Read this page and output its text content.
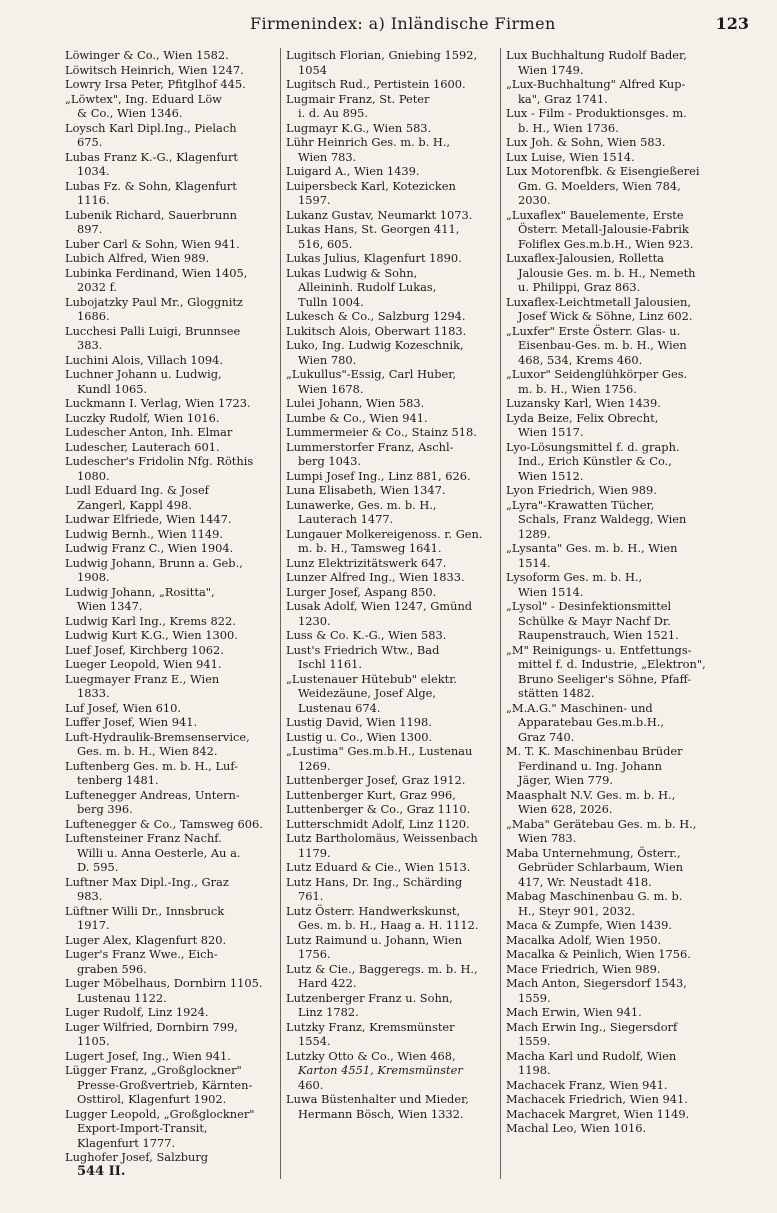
Firmenindex: a) Inländische Firmen	123
Löwinger & Co., Wien 1582.
Löwitsch Heinrich, Wien 1247.
Lowry Irsa Peter, Pfitglhof 445.
„Löwtex", Ing. Eduard Löw
& Co., Wien 1346.
Loysch Karl Dipl.Ing., Pielach
675.
Lubas Franz K.-G., Klagenfurt
1034.
Lubas Fz. & Sohn, Klagenfurt
1116.
Lubenik Richard, Sauerbrunn
897.
Luber Carl & Sohn, Wien 941.
Lubich Alfred, Wien 989.
Lubinka Ferdinand, Wien 1405,
2032 f.
Lubojatzky Paul Mr., Gloggnitz
1686.
Lucchesi Palli Luigi, Brunnsee
383.
Luchini Alois, Villach 1094.
Luchner Johann u. Ludwig,
Kundl 1065.
Luckmann I. Verlag, Wien 1723.
Luczky Rudolf, Wien 1016.
Ludescher Anton, Inh. Elmar
Ludescher, Lauterach 601.
Ludescher's Fridolin Nfg. Röthis
1080.
Ludl Eduard Ing. & Josef
Zangerl, Kappl 498.
Ludwar Elfriede, Wien 1447.
Ludwig Bernh., Wien 1149.
Ludwig Franz C., Wien 1904.
Ludwig Johann, Brunn a. Geb.,
1908.
Ludwig Johann, „Rositta",
Wien 1347.
Ludwig Karl Ing., Krems 822.
Ludwig Kurt K.G., Wien 1300.
Luef Josef, Kirchberg 1062.
Lueger Leopold, Wien 941.
Luegmayer Franz E., Wien
1833.
Luf Josef, Wien 610.
Luffer Josef, Wien 941.
Luft-Hydraulik-Bremsenservice,
Ges. m. b. H., Wien 842.
Luftenberg Ges. m. b. H., Luf-
tenberg 1481.
Luftenegger Andreas, Untern-
berg 396.
Luftenegger & Co., Tamsweg 606.
Luftensteiner Franz Nachf.
Willi u. Anna Oesterle, Au a.
D. 595.
Luftner Max Dipl.-Ing., Graz
983.
Lüftner Willi Dr., Innsbruck
1917.
Luger Alex, Klagenfurt 820.
Luger's Franz Wwe., Eich-
graben 596.
Luger Möbelhaus, Dornbirn 1105.
Lustenau 1122.
Luger Rudolf, Linz 1924.
Luger Wilfried, Dornbirn 799,
1105.
Lugert Josef, Ing., Wien 941.
Lügger Franz, „Großglockner"
Presse-Großvertrieb, Kärnten-
Osttirol, Klagenfurt 1902.
Lugger Leopold, „Großglockner"
Export-Import-Transit,
Klagenfurt 1777.
Lughofer Josef, Salzburg
544 II.
Lugitsch Florian, Gniebing 1592,
1054
Lugitsch Rud., Pertistein 1600.
Lugmair Franz, St. Peter
i. d. Au 895.
Lugmayr K.G., Wien 583.
Lühr Heinrich Ges. m. b. H.,
Wien 783.
Luigard A., Wien 1439.
Luipersbeck Karl, Kotezicken
1597.
Lukanz Gustav, Neumarkt 1073.
Lukas Hans, St. Georgen 411,
516, 605.
Lukas Julius, Klagenfurt 1890.
Lukas Ludwig & Sohn,
Alleininh. Rudolf Lukas,
Tulln 1004.
Lukesch & Co., Salzburg 1294.
Lukitsch Alois, Oberwart 1183.
Luko, Ing. Ludwig Kozeschnik,
Wien 780.
„Lukullus"-Essig, Carl Huber,
Wien 1678.
Lulei Johann, Wien 583.
Lumbe & Co., Wien 941.
Lummermeier & Co., Stainz 518.
Lummerstorfer Franz, Aschl-
berg 1043.
Lumpi Josef Ing., Linz 881, 626.
Luna Elisabeth, Wien 1347.
Lunawerke, Ges. m. b. H.,
Lauterach 1477.
Lungauer Molkereigenoss. r. Gen.
m. b. H., Tamsweg 1641.
Lunz Elektrizitätswerk 647.
Lunzer Alfred Ing., Wien 1833.
Lurger Josef, Aspang 850.
Lusak Adolf, Wien 1247, Gmünd
1230.
Luss & Co. K.-G., Wien 583.
Lust's Friedrich Wtw., Bad
Ischl 1161.
„Lustenauer Hütebub" elektr.
Weidezäune, Josef Alge,
Lustenau 674.
Lustig David, Wien 1198.
Lustig u. Co., Wien 1300.
„Lustima" Ges.m.b.H., Lustenau
1269.
Luttenberger Josef, Graz 1912.
Luttenberger Kurt, Graz 996,
Luttenberger & Co., Graz 1110.
Lutterschmidt Adolf, Linz 1120.
Lutz Bartholomäus, Weissenbach
1179.
Lutz Eduard & Cie., Wien 1513.
Lutz Hans, Dr. Ing., Schärding
761.
Lutz Österr. Handwerkskunst,
Ges. m. b. H., Haag a. H. 1112.
Lutz Raimund u. Johann, Wien
1756.
Lutz & Cie., Baggeregs. m. b. H.,
Hard 422.
Lutzenberger Franz u. Sohn,
Linz 1782.
Lutzky Franz, Kremsmünster
1554.
Lutzky Otto & Co., Wien 468,
Karton 4551, Kremsmünster
460.
Luwa Büstenhalter und Mieder,
Hermann Bösch, Wien 1332.
Lux Buchhaltung Rudolf Bader,
Wien 1749.
„Lux-Buchhaltung" Alfred Kup-
ka", Graz 1741.
Lux - Film - Produktionsges. m.
b. H., Wien 1736.
Lux Joh. & Sohn, Wien 583.
Lux Luise, Wien 1514.
Lux Motorenfbk. & Eisengießerei
Gm. G. Moelders, Wien 784,
2030.
„Luxaflex" Bauelemente, Erste
Österr. Metall-Jalousie-Fabrik
Foliflex Ges.m.b.H., Wien 923.
Luxaflex-Jalousien, Rolletta
Jalousie Ges. m. b. H., Nemeth
u. Philippi, Graz 863.
Luxaflex-Leichtmetall Jalousien,
Josef Wick & Söhne, Linz 602.
„Luxfer" Erste Österr. Glas- u.
Eisenbau-Ges. m. b. H., Wien
468, 534, Krems 460.
„Luxor" Seidenglühkörper Ges.
m. b. H., Wien 1756.
Luzansky Karl, Wien 1439.
Lyda Beize, Felix Obrecht,
Wien 1517.
Lyo-Lösungsmittel f. d. graph.
Ind., Erich Künstler & Co.,
Wien 1512.
Lyon Friedrich, Wien 989.
„Lyra"-Krawatten Tücher,
Schals, Franz Waldegg, Wien
1289.
„Lysanta" Ges. m. b. H., Wien
1514.
Lysoform Ges. m. b. H.,
Wien 1514.
„Lysol" - Desinfektionsmittel
Schülke & Mayr Nachf Dr.
Raupenstrauch, Wien 1521.
„M" Reinigungs- u. Entfettungs-
mittel f. d. Industrie, „Elektron",
Bruno Seeliger's Söhne, Pfaff-
stätten 1482.
„M.A.G." Maschinen- und
Apparatebau Ges.m.b.H.,
Graz 740.
M. T. K. Maschinenbau Brüder
Ferdinand u. Ing. Johann
Jäger, Wien 779.
Maasphalt N.V. Ges. m. b. H.,
Wien 628, 2026.
„Maba" Gerätebau Ges. m. b. H.,
Wien 783.
Maba Unternehmung, Österr.,
Gebrüder Schlarbaum, Wien
417, Wr. Neustadt 418.
Mabag Maschinenbau G. m. b.
H., Steyr 901, 2032.
Maca & Zumpfe, Wien 1439.
Macalka Adolf, Wien 1950.
Macalka & Peinlich, Wien 1756.
Mace Friedrich, Wien 989.
Mach Anton, Siegersdorf 1543,
1559.
Mach Erwin, Wien 941.
Mach Erwin Ing., Siegersdorf
1559.
Macha Karl und Rudolf, Wien
1198.
Machacek Franz, Wien 941.
Machacek Friedrich, Wien 941.
Machacek Margret, Wien 1149.
Machal Leo, Wien 1016.
